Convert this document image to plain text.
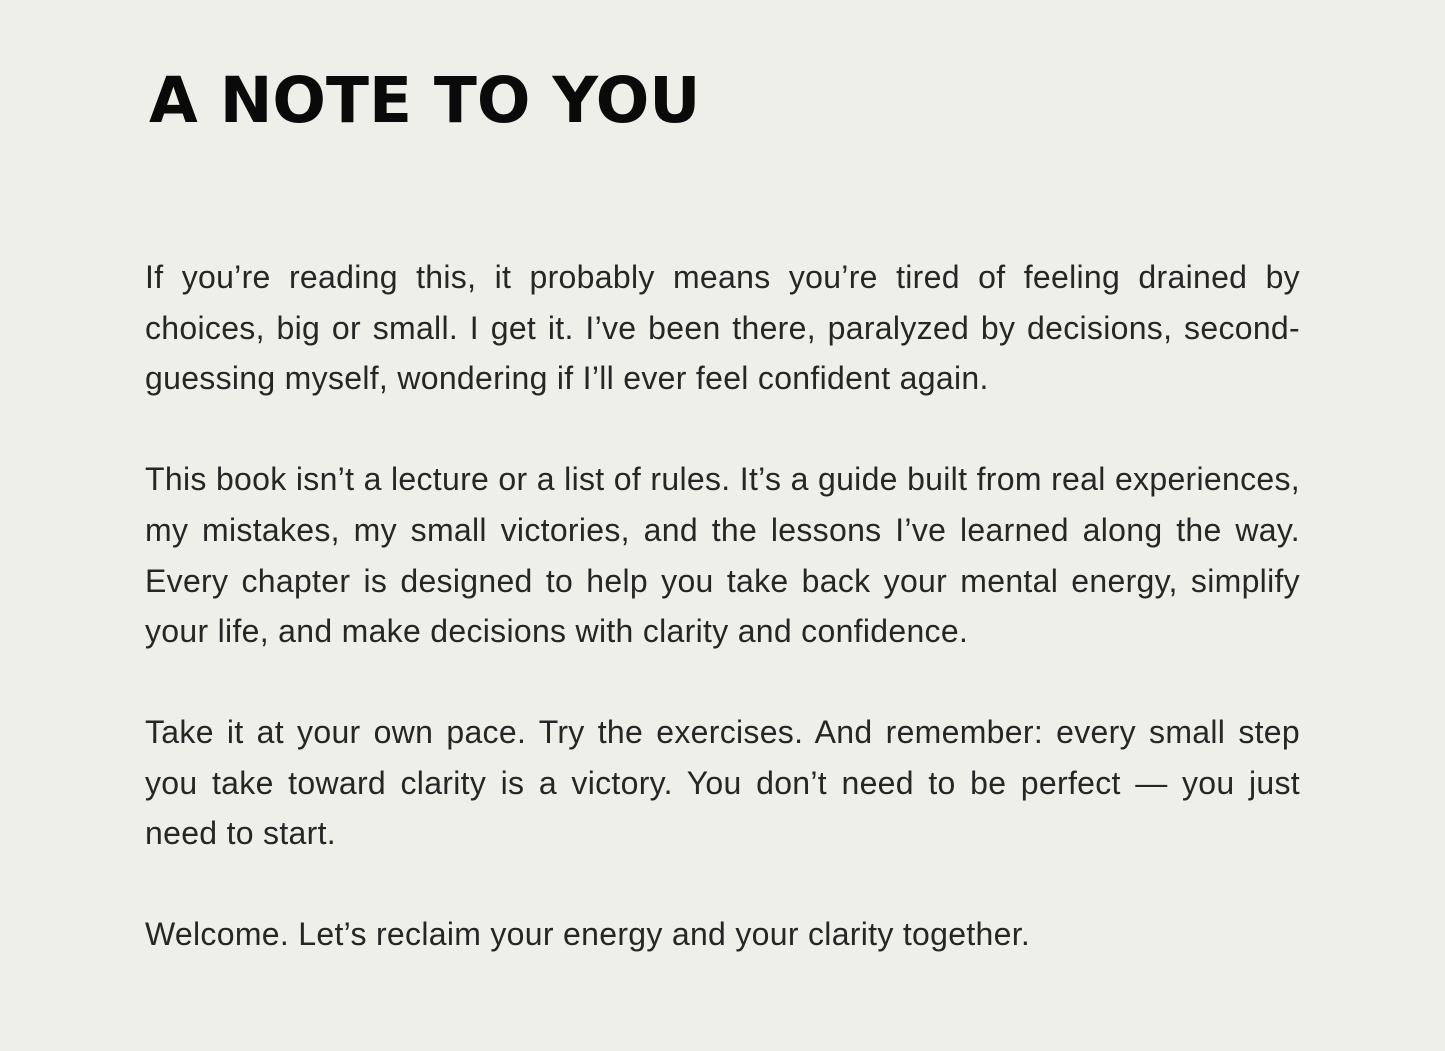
A NOTE TO YOU

If you’re reading this, it probably means you’re tired of feeling drained by choices, big or small. I get it. I’ve been there, paralyzed by decisions, second-guessing myself, wondering if I’ll ever feel confident again.

This book isn’t a lecture or a list of rules. It’s a guide built from real experiences, my mistakes, my small victories, and the lessons I’ve learned along the way. Every chapter is designed to help you take back your mental energy, simplify your life, and make decisions with clarity and confidence.

Take it at your own pace. Try the exercises. And remember: every small step you take toward clarity is a victory. You don’t need to be perfect — you just need to start.

Welcome. Let’s reclaim your energy and your clarity together.
